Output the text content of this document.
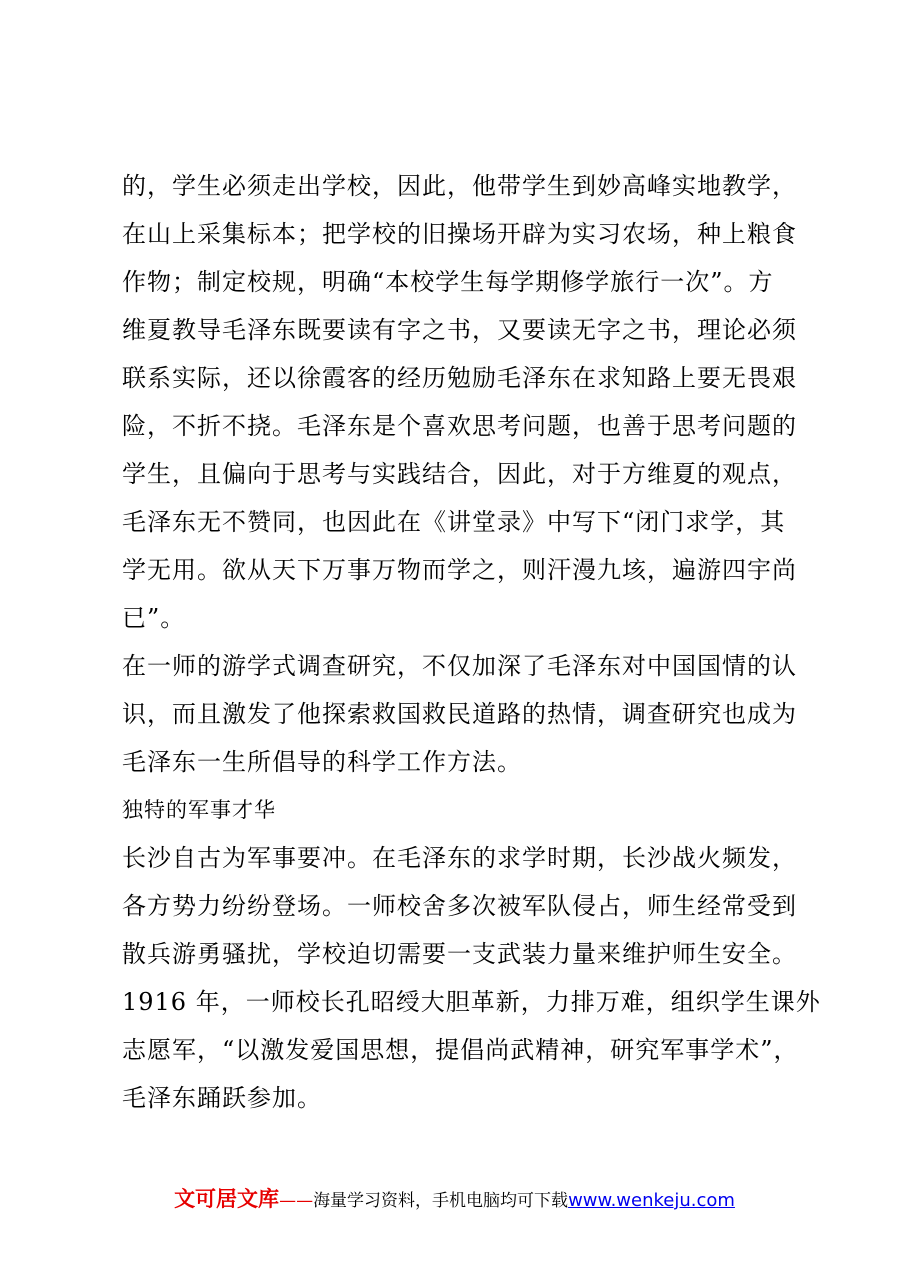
的，学生必须走出学校，因此，他带学生到妙高峰实地教学，
在山上采集标本；把学校的旧操场开辟为实习农场，种上粮食
作物；制定校规，明确“本校学生每学期修学旅行一次”。方
维夏教导毛泽东既要读有字之书，又要读无字之书，理论必须
联系实际，还以徐霞客的经历勉励毛泽东在求知路上要无畏艰
险，不折不挠。毛泽东是个喜欢思考问题，也善于思考问题的
学生，且偏向于思考与实践结合，因此，对于方维夏的观点，
毛泽东无不赞同，也因此在《讲堂录》中写下“闭门求学，其
学无用。欲从天下万事万物而学之，则汗漫九垓，遍游四宇尚
已”。
在一师的游学式调查研究，不仅加深了毛泽东对中国国情的认
识，而且激发了他探索救国救民道路的热情，调查研究也成为
毛泽东一生所倡导的科学工作方法。
独特的军事才华
长沙自古为军事要冲。在毛泽东的求学时期，长沙战火频发，
各方势力纷纷登场。一师校舍多次被军队侵占，师生经常受到
散兵游勇骚扰，学校迫切需要一支武装力量来维护师生安全。
1916 年，一师校长孔昭绶大胆革新，力排万难，组织学生课外
志愿军，“以激发爱国思想，提倡尚武精神，研究军事学术”，
毛泽东踊跃参加。
文可居文库——海量学习资料，手机电脑均可下载www.wenkeju.com
